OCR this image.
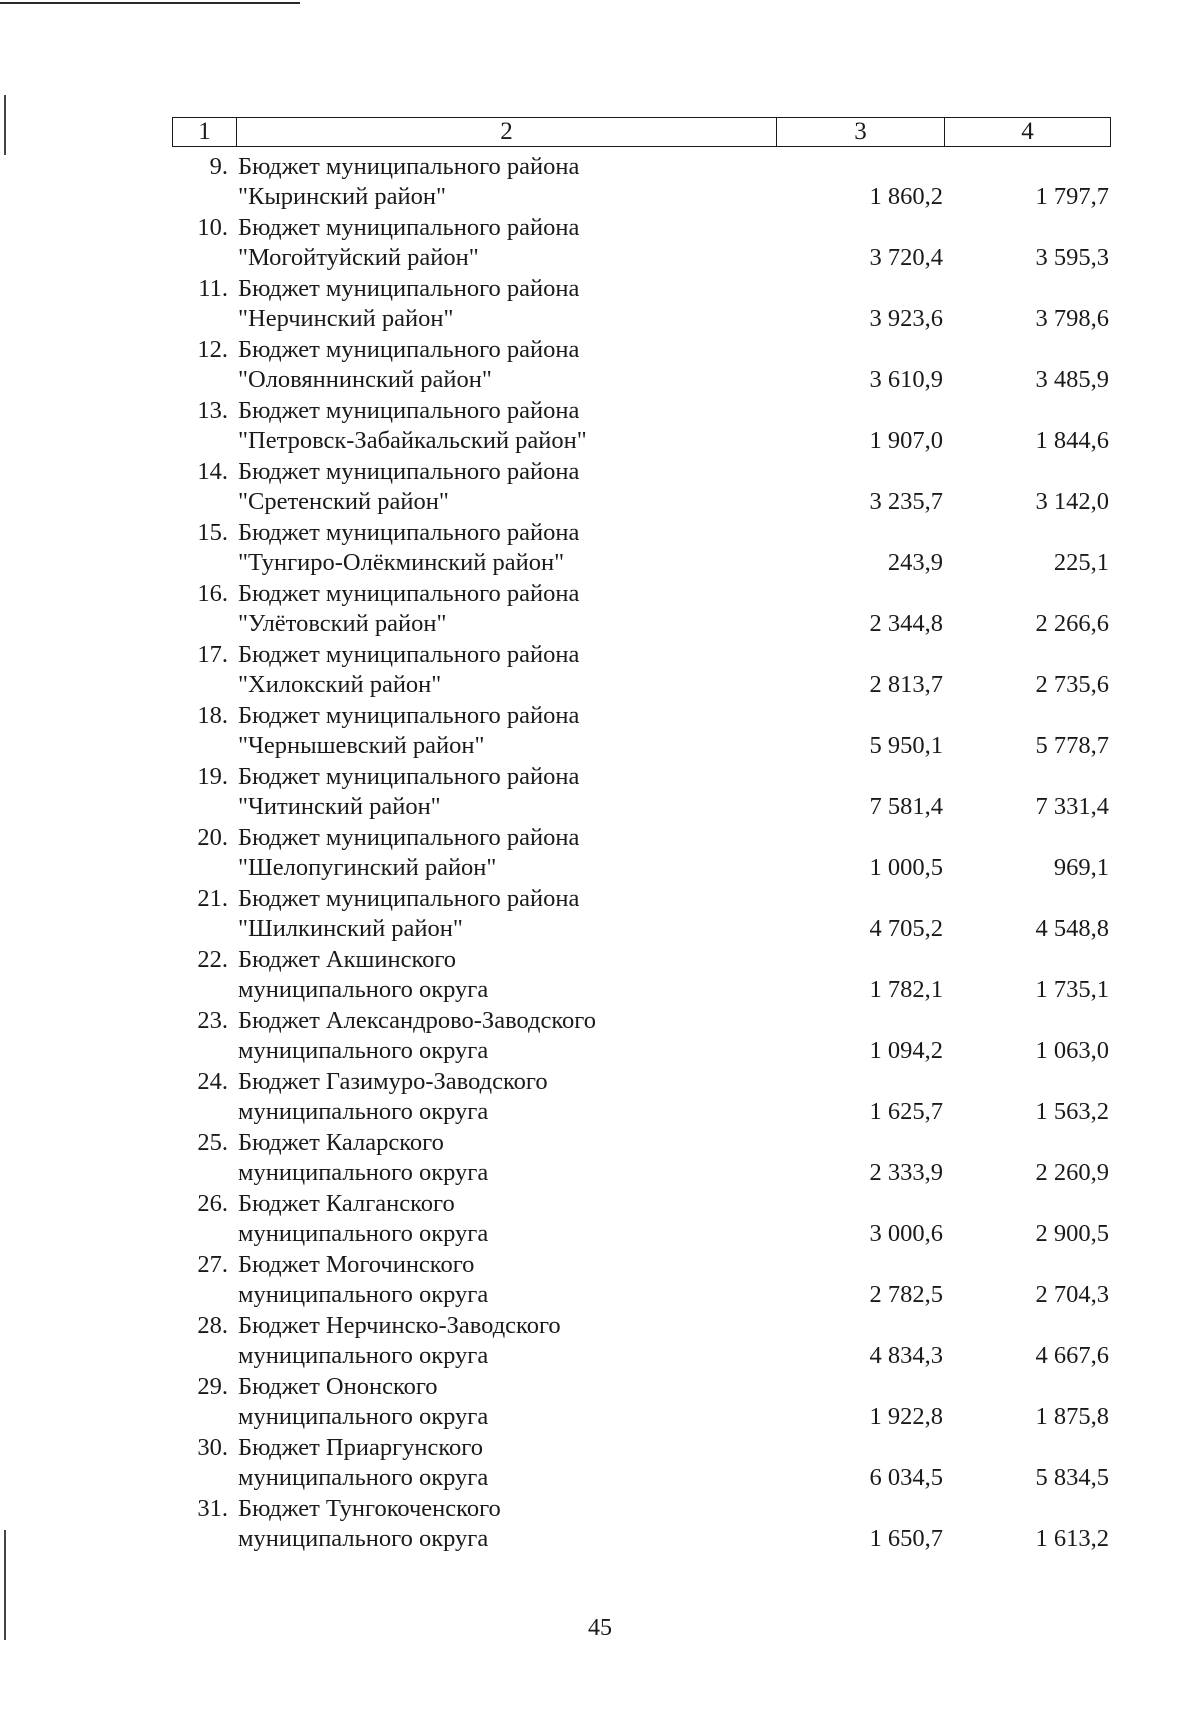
1	2	3	4
9. Бюджет муниципального района
"Кыринский район"	1 860,2	1 797,7
10. Бюджет муниципального района
"Могойтуйский район"	3 720,4	3 595,3
11. Бюджет муниципального района
"Нерчинский район"	3 923,6	3 798,6
12. Бюджет муниципального района
"Оловяннинский район"	3 610,9	3 485,9
13. Бюджет муниципального района
"Петровск-Забайкальский район"	1 907,0	1 844,6
14. Бюджет муниципального района
"Сретенский район"	3 235,7	3 142,0
15. Бюджет муниципального района
"Тунгиро-Олёкминский район"	243,9	225,1
16. Бюджет муниципального района
"Улётовский район"	2 344,8	2 266,6
17. Бюджет муниципального района
"Хилокский район"	2 813,7	2 735,6
18. Бюджет муниципального района
"Чернышевский район"	5 950,1	5 778,7
19. Бюджет муниципального района
"Читинский район"	7 581,4	7 331,4
20. Бюджет муниципального района
"Шелопугинский район"	1 000,5	969,1
21. Бюджет муниципального района
"Шилкинский район"	4 705,2	4 548,8
22. Бюджет Акшинского
муниципального округа	1 782,1	1 735,1
23. Бюджет Александрово-Заводского
муниципального округа	1 094,2	1 063,0
24. Бюджет Газимуро-Заводского
муниципального округа	1 625,7	1 563,2
25. Бюджет Каларского
муниципального округа	2 333,9	2 260,9
26. Бюджет Калганского
муниципального округа	3 000,6	2 900,5
27. Бюджет Могочинского
муниципального округа	2 782,5	2 704,3
28. Бюджет Нерчинско-Заводского
муниципального округа	4 834,3	4 667,6
29. Бюджет Ононского
муниципального округа	1 922,8	1 875,8
30. Бюджет Приаргунского
муниципального округа	6 034,5	5 834,5
31. Бюджет Тунгокоченского
муниципального округа	1 650,7	1 613,2
45
